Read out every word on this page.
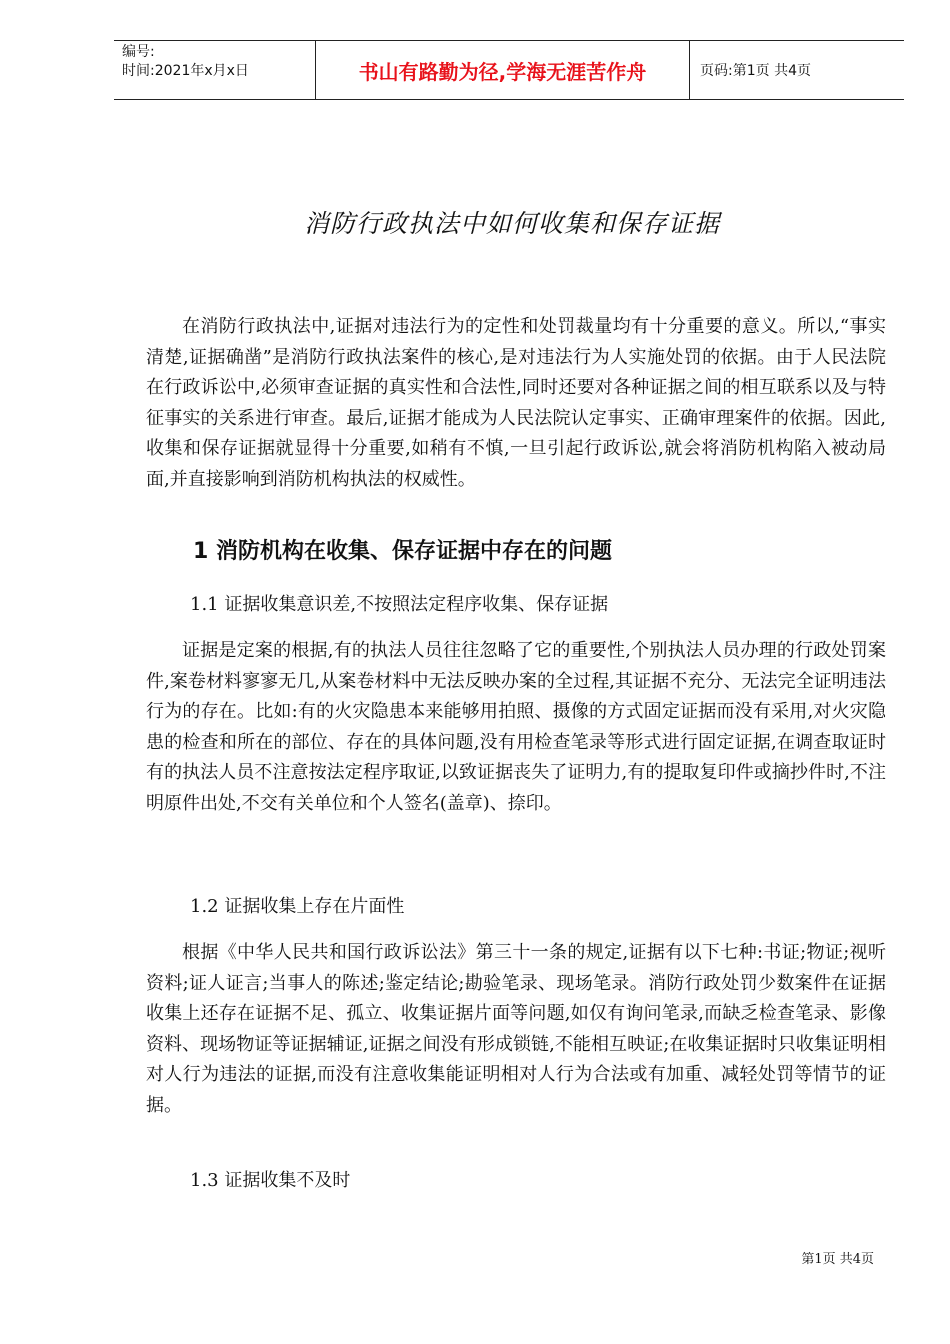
编号:
时间:2021年x月x日	书山有路勤为径,学海无涯苦作舟	页码:第1页 共4页
消防行政执法中如何收集和保存证据

在消防行政执法中,证据对违法行为的定性和处罚裁量均有十分重要的意义。所以,“事实清楚,证据确凿”是消防行政执法案件的核心,是对违法行为人实施处罚的依据。由于人民法院在行政诉讼中,必须审查证据的真实性和合法性,同时还要对各种证据之间的相互联系以及与特征事实的关系进行审查。最后,证据才能成为人民法院认定事实、正确审理案件的依据。因此,收集和保存证据就显得十分重要,如稍有不慎,一旦引起行政诉讼,就会将消防机构陷入被动局面,并直接影响到消防机构执法的权威性。

1 消防机构在收集、保存证据中存在的问题
1.1 证据收集意识差,不按照法定程序收集、保存证据

证据是定案的根据,有的执法人员往往忽略了它的重要性,个别执法人员办理的行政处罚案件,案卷材料寥寥无几,从案卷材料中无法反映办案的全过程,其证据不充分、无法完全证明违法行为的存在。比如:有的火灾隐患本来能够用拍照、摄像的方式固定证据而没有采用,对火灾隐患的检查和所在的部位、存在的具体问题,没有用检查笔录等形式进行固定证据,在调查取证时有的执法人员不注意按法定程序取证,以致证据丧失了证明力,有的提取复印件或摘抄件时,不注明原件出处,不交有关单位和个人签名(盖章)、捺印。

1.2 证据收集上存在片面性

根据《中华人民共和国行政诉讼法》第三十一条的规定,证据有以下七种:书证;物证;视听资料;证人证言;当事人的陈述;鉴定结论;勘验笔录、现场笔录。消防行政处罚少数案件在证据收集上还存在证据不足、孤立、收集证据片面等问题,如仅有询问笔录,而缺乏检查笔录、影像资料、现场物证等证据辅证,证据之间没有形成锁链,不能相互映证;在收集证据时只收集证明相对人行为违法的证据,而没有注意收集能证明相对人行为合法或有加重、减轻处罚等情节的证据。

1.3 证据收集不及时
第1页 共4页
